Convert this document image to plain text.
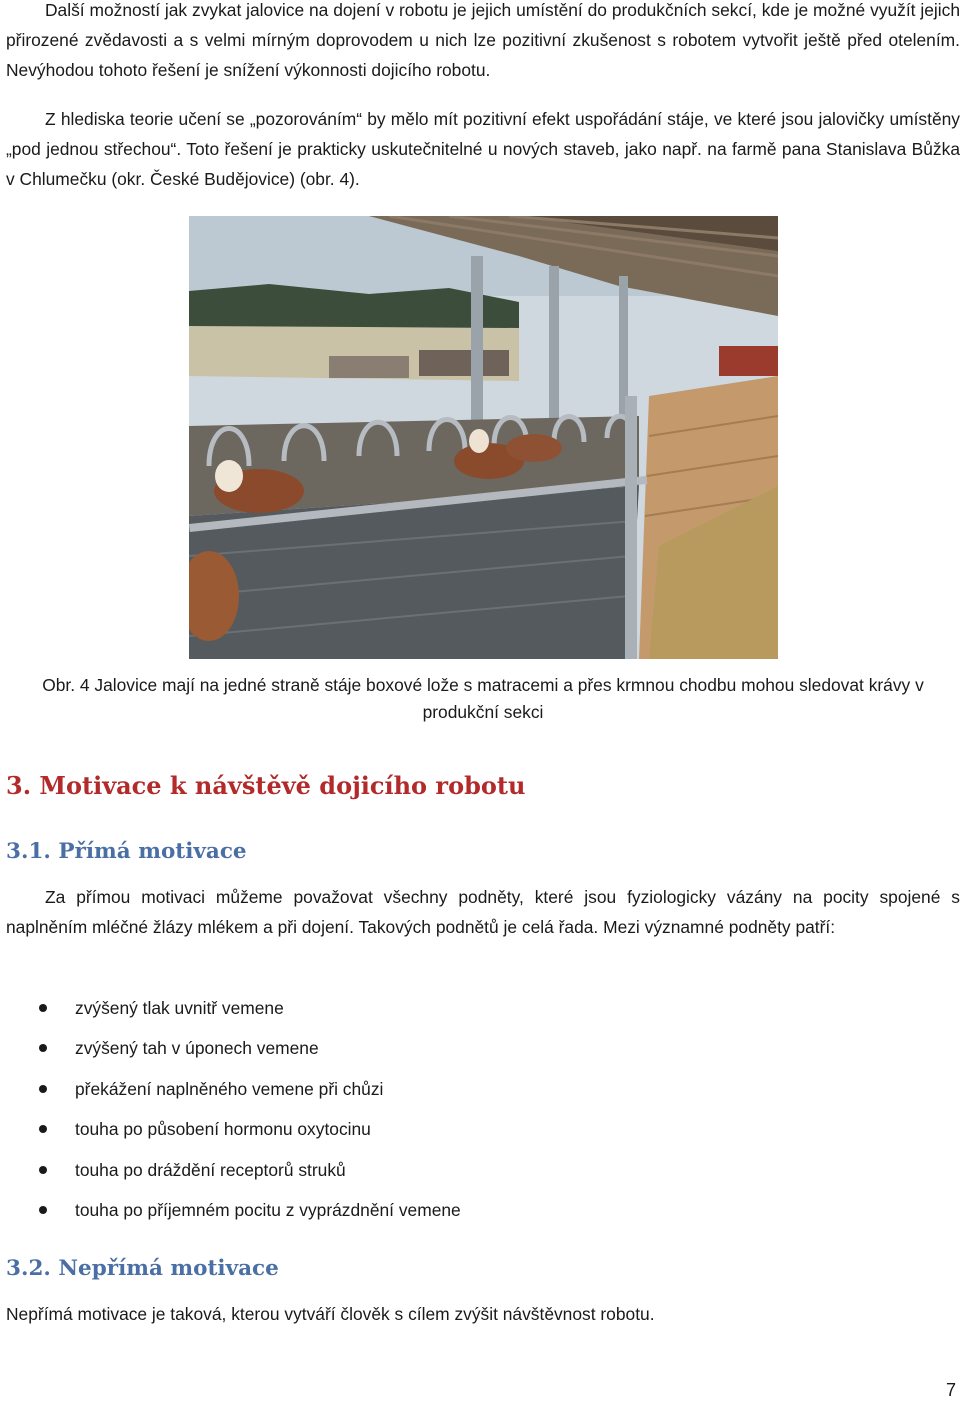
Další možností jak zvykat jalovice na dojení v robotu je jejich umístění do produkčních sekcí, kde je možné využít jejich přirozené zvědavosti a s velmi mírným doprovodem u nich lze pozitivní zkušenost s robotem vytvořit ještě před otelením. Nevýhodou tohoto řešení je snížení výkonnosti dojicího robotu.

Z hlediska teorie učení se „pozorováním“ by mělo mít pozitivní efekt uspořádání stáje, ve které jsou jalovičky umístěny „pod jednou střechou“. Toto řešení je prakticky uskutečnitelné u nových staveb, jako např. na farmě pana Stanislava Bůžka v Chlumečku (okr. České Budějovice) (obr. 4).

Obr. 4 Jalovice mají na jedné straně stáje boxové lože s matracemi a přes krmnou chodbu mohou sledovat krávy v produkční sekci

3. Motivace k návštěvě dojicího robotu
3.1. Přímá motivace

Za přímou motivaci můžeme považovat všechny podněty, které jsou fyziologicky vázány na pocity spojené s naplněním mléčné žlázy mlékem a při dojení. Takových podnětů je celá řada. Mezi významné podněty patří:

zvýšený tlak uvnitř vemene
zvýšený tah v úponech vemene
překážení naplněného vemene při chůzi
touha po působení hormonu oxytocinu
touha po dráždění receptorů struků
touha po příjemném pocitu z vyprázdnění vemene
3.2. Nepřímá motivace

Nepřímá motivace je taková, kterou vytváří člověk s cílem zvýšit návštěvnost robotu.

7
